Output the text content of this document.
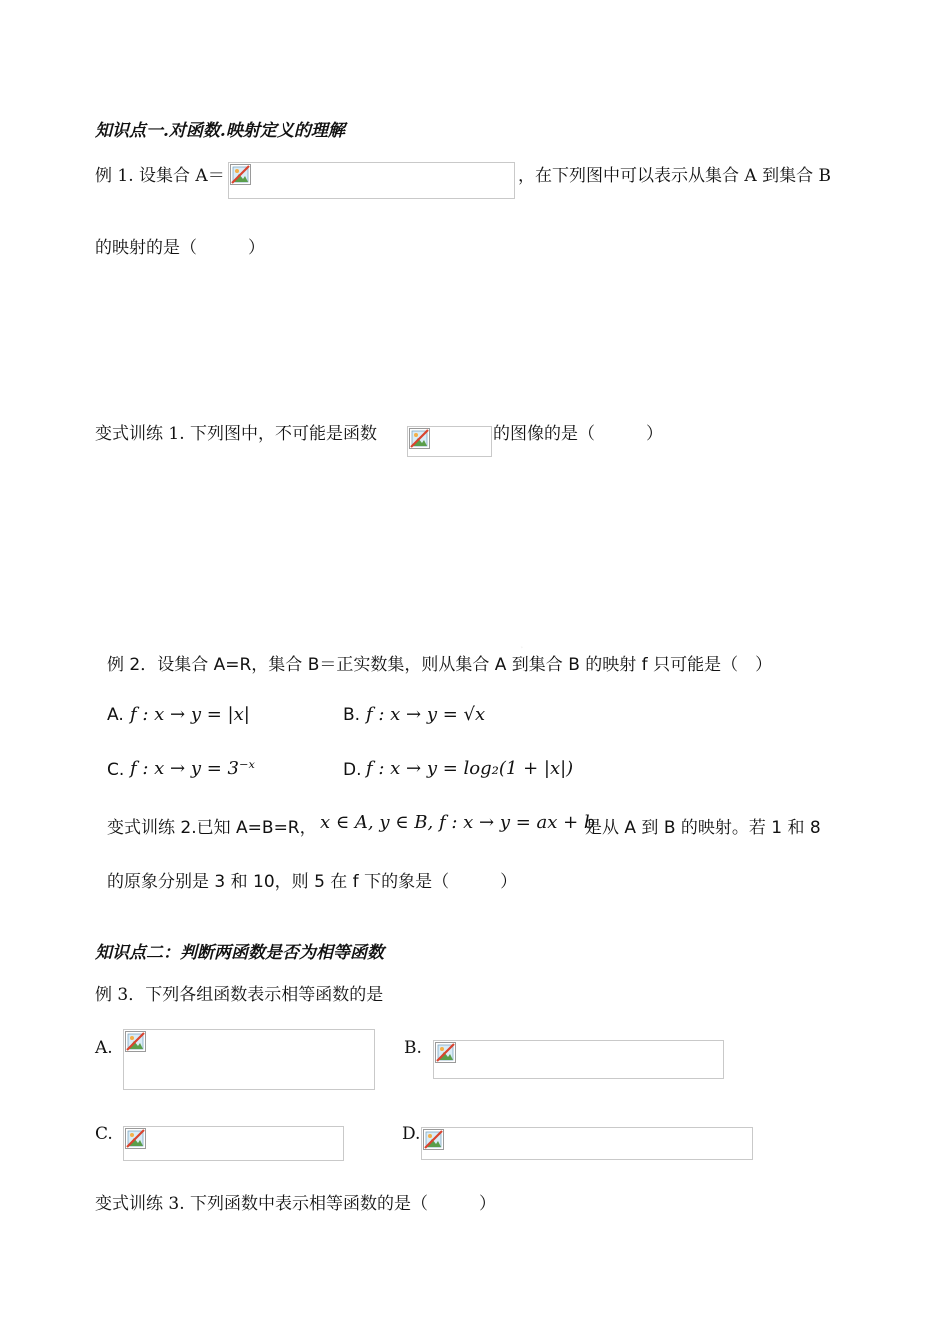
·
知识点一.对函数.映射定义的理解
例 1. 设集合 A＝	，在下列图中可以表示从集合 A 到集合 B
的映射的是（　　　）
变式训练 1. 下列图中，不可能是函数	的图像的是（　　　）
例 2．设集合 A=R，集合 B＝正实数集，则从集合 A 到集合 B 的映射 f 只可能是（　）
A. f : x → y = |x|	B. f : x → y = √x
C. f : x → y = 3⁻ˣ	D. f : x → y = log₂(1 + |x|)
变式训练 2.已知 A=B=R， x ∈ A, y ∈ B, f : x → y = ax + b
是从 A 到 B 的映射。若 1 和 8
的原象分别是 3 和 10，则 5 在 f 下的象是（　　　）
知识点二：判断两函数是否为相等函数
例 3．下列各组函数表示相等函数的是
A.	B.
C.	D.
变式训练 3. 下列函数中表示相等函数的是（　　　）
